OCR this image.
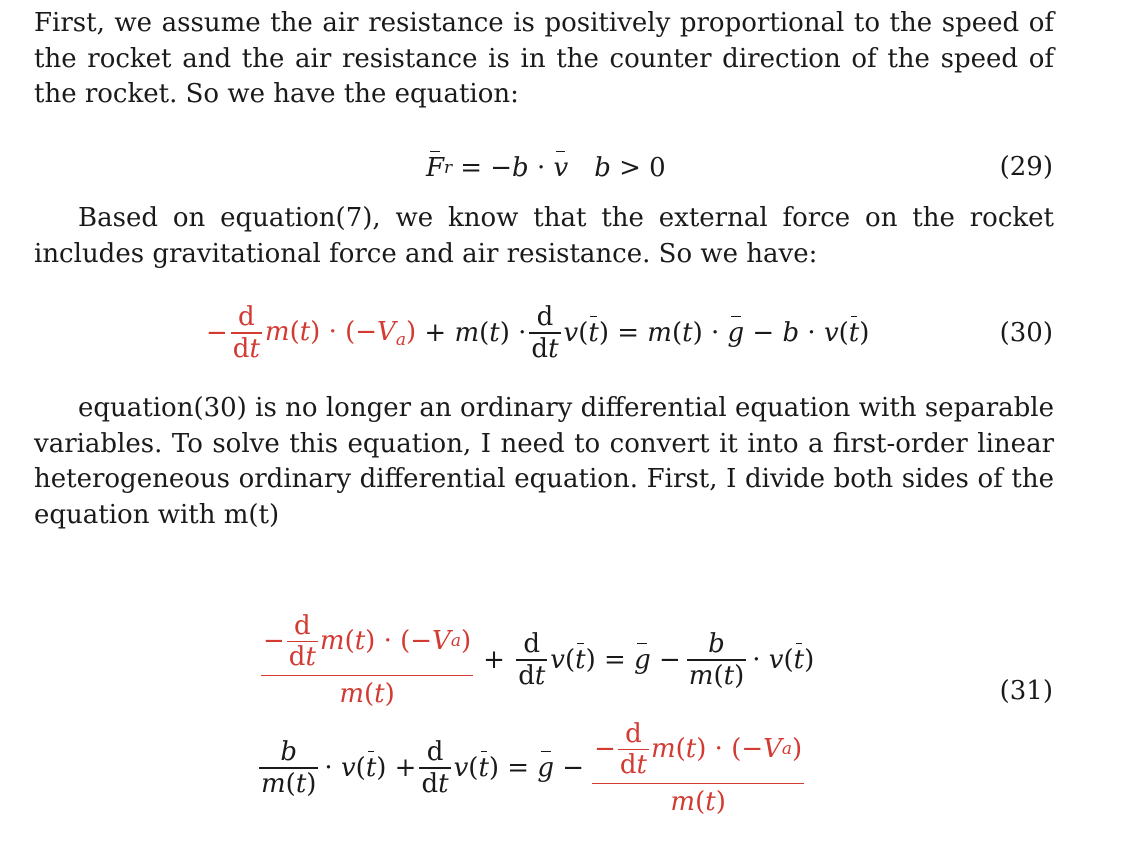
First, we assume the air resistance is positively proportional to the speed of the rocket and the air resistance is in the counter direction of the speed of the rocket. So we have the equation:

F r = − b · v b > 0	(29)

Based on equation(7), we know that the external force on the rocket includes gravitational force and air resistance. So we have:

− $\frac{d}{dt} m(t) \cdot (-V_a) + m$ ( t ) · $\frac{d}{dt}$ v ( t ) = m ( t ) · g − b · v ( t )	(30)

equation(30) is no longer an ordinary differential equation with separable variables. To solve this equation, I need to convert it into a first-order linear heterogeneous ordinary differential equation. First, I divide both sides of the equation with m(t)

$\frac{- \frac{d}{dt} m ( t ) \cdot (- V a )}{m(t)} + \frac{d}{dt}$ v ( t ) = $g - \frac{b}{m(t)} \cdot v$ ( t )
(31)
$\frac{b}{m(t)} \cdot v$ ( t ) + $\frac{d}{dt}$ v ( t ) = $g - \frac{- \frac{d}{dt} m ( t ) \cdot (- V a )}{m(t)}$
